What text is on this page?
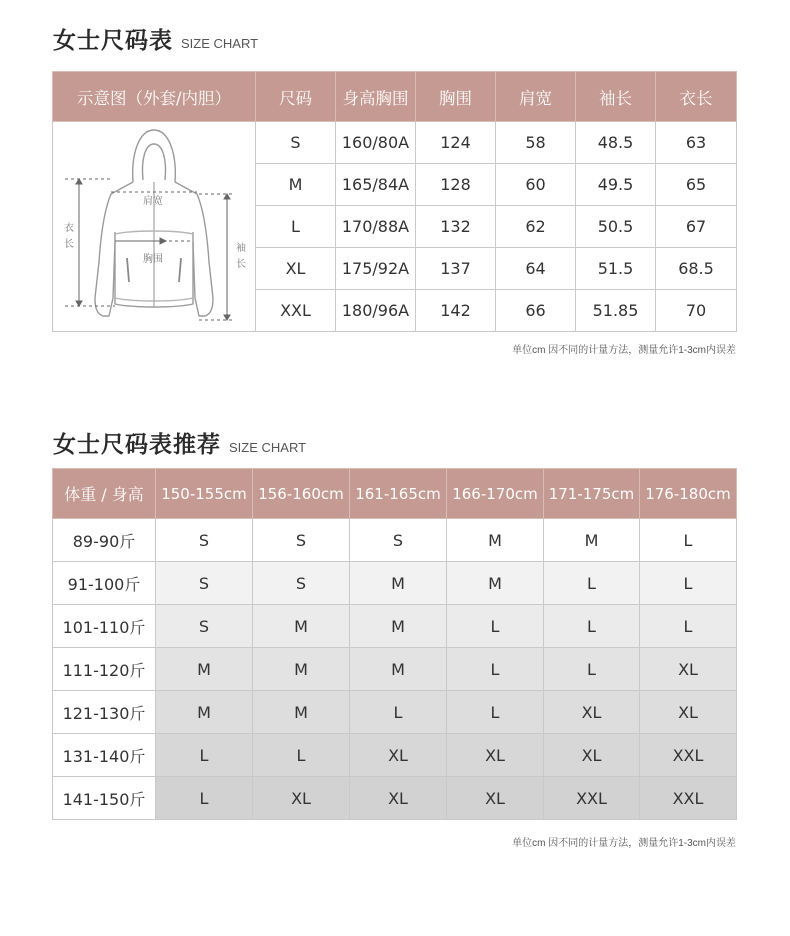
女士尺码表 SIZE CHART
示意图（外套/内胆）	尺码	身高胸围	胸围	肩宽	袖长	衣长

肩宽
胸围
衣长
袖长	S	160/80A	124	58	48.5	63
	M	165/84A	128	60	49.5	65
	L	170/88A	132	62	50.5	67
	XL	175/92A	137	64	51.5	68.5
	XXL	180/96A	142	66	51.85	70
单位cm 因不同的计量方法，测量允许1-3cm内误差
女士尺码表推荐 SIZE CHART
体重 / 身高	150-155cm	156-160cm	161-165cm	166-170cm	171-175cm	176-180cm
89-90斤	S	S	S	M	M	L
91-100斤	S	S	M	M	L	L
101-110斤	S	M	M	L	L	L
111-120斤	M	M	M	L	L	XL
121-130斤	M	M	L	L	XL	XL
131-140斤	L	L	XL	XL	XL	XXL
141-150斤	L	XL	XL	XL	XXL	XXL
单位cm 因不同的计量方法，测量允许1-3cm内误差
